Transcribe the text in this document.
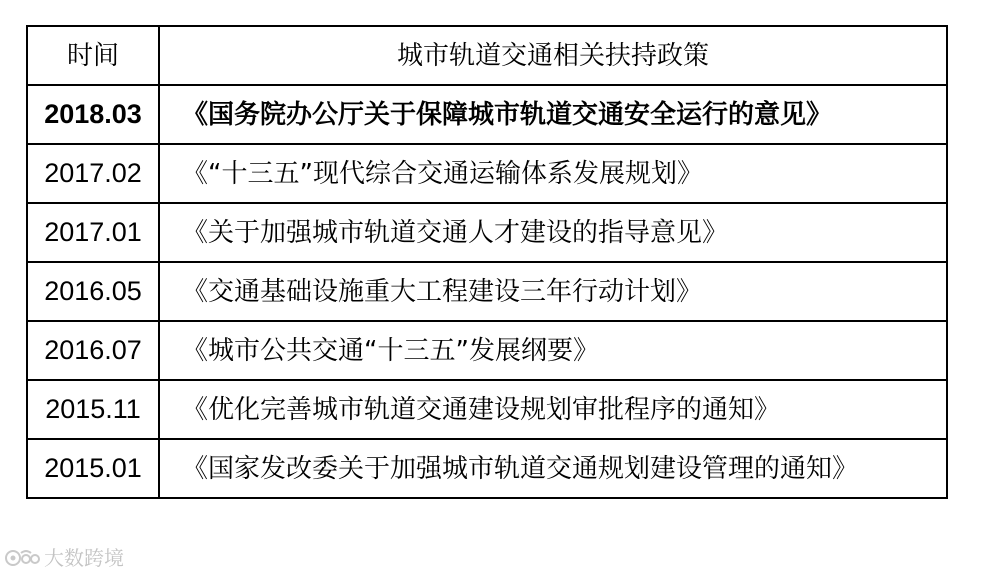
时间	城市轨道交通相关扶持政策
2018.03	《国务院办公厅关于保障城市轨道交通安全运行的意见》
2017.02	《“十三五”现代综合交通运输体系发展规划》
2017.01	《关于加强城市轨道交通人才建设的指导意见》
2016.05	《交通基础设施重大工程建设三年行动计划》
2016.07	《城市公共交通“十三五”发展纲要》
2015.11	《优化完善城市轨道交通建设规划审批程序的通知》
2015.01	《国家发改委关于加强城市轨道交通规划建设管理的通知》
大数跨境
